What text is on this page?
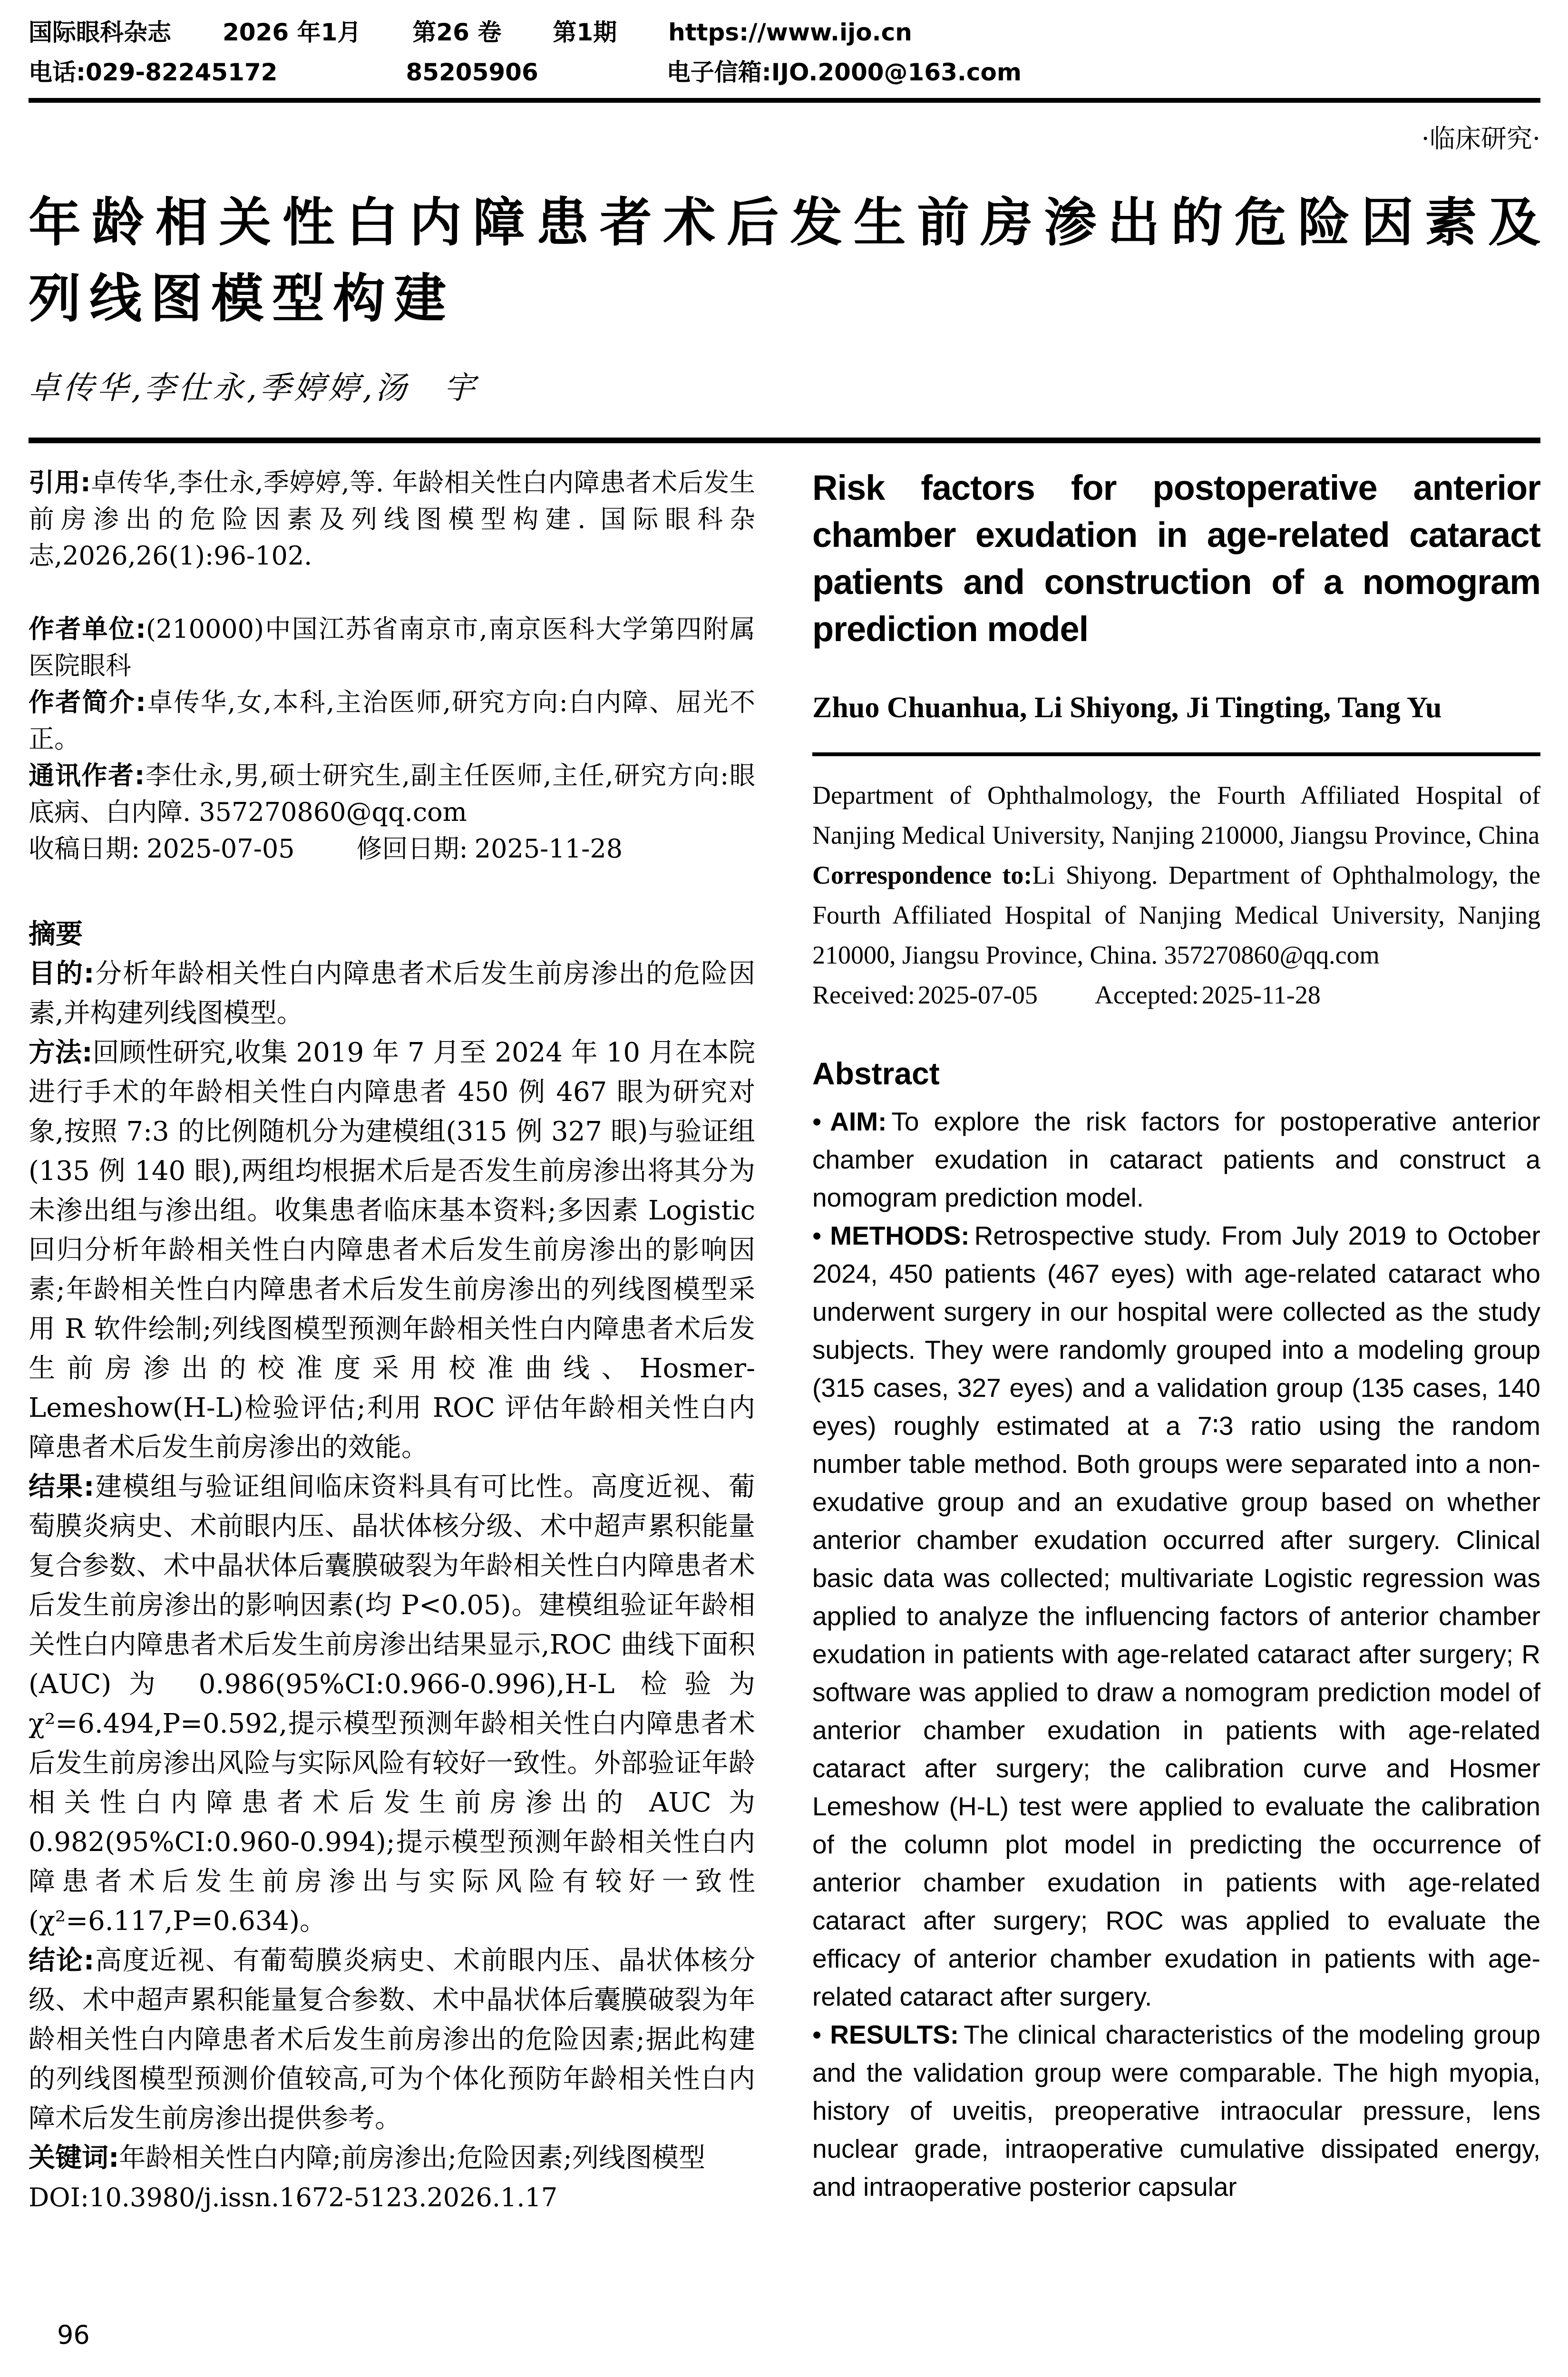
国际眼科杂志 2026 年1月 第26 卷 第1期 https://www.ijo.cn
电话:029-82245172	85205906	电子信箱:IJO.2000@163.com
·临床研究·
年龄相关性白内障患者术后发生前房渗出的危险因素及
列线图模型构建
卓传华,李仕永,季婷婷,汤　宇

引用:卓传华,李仕永,季婷婷,等. 年龄相关性白内障患者术后发生前房渗出的危险因素及列线图模型构建. 国际眼科杂志,2026,26(1):96-102.

作者单位:(210000)中国江苏省南京市,南京医科大学第四附属医院眼科

作者简介:卓传华,女,本科,主治医师,研究方向:白内障、屈光不正。

通讯作者:李仕永,男,硕士研究生,副主任医师,主任,研究方向:眼底病、白内障. 357270860@qq.com

收稿日期: 2025-07-05 修回日期: 2025-11-28

摘要

目的:分析年龄相关性白内障患者术后发生前房渗出的危险因素,并构建列线图模型。

方法:回顾性研究,收集 2019 年 7 月至 2024 年 10 月在本院进行手术的年龄相关性白内障患者 450 例 467 眼为研究对象,按照 7:3 的比例随机分为建模组(315 例 327 眼)与验证组(135 例 140 眼),两组均根据术后是否发生前房渗出将其分为未渗出组与渗出组。收集患者临床基本资料;多因素 Logistic 回归分析年龄相关性白内障患者术后发生前房渗出的影响因素;年龄相关性白内障患者术后发生前房渗出的列线图模型采用 R 软件绘制;列线图模型预测年龄相关性白内障患者术后发生前房渗出的校准度采用校准曲线、Hosmer-Lemeshow(H-L)检验评估;利用 ROC 评估年龄相关性白内障患者术后发生前房渗出的效能。

结果:建模组与验证组间临床资料具有可比性。高度近视、葡萄膜炎病史、术前眼内压、晶状体核分级、术中超声累积能量复合参数、术中晶状体后囊膜破裂为年龄相关性白内障患者术后发生前房渗出的影响因素(均 P<0.05)。建模组验证年龄相关性白内障患者术后发生前房渗出结果显示,ROC 曲线下面积(AUC)为 0.986(95%CI:0.966-0.996),H-L 检验为χ²=6.494,P=0.592,提示模型预测年龄相关性白内障患者术后发生前房渗出风险与实际风险有较好一致性。外部验证年龄相关性白内障患者术后发生前房渗出的 AUC 为 0.982(95%CI:0.960-0.994);提示模型预测年龄相关性白内障患者术后发生前房渗出与实际风险有较好一致性(χ²=6.117,P=0.634)。

结论:高度近视、有葡萄膜炎病史、术前眼内压、晶状体核分级、术中超声累积能量复合参数、术中晶状体后囊膜破裂为年龄相关性白内障患者术后发生前房渗出的危险因素;据此构建的列线图模型预测价值较高,可为个体化预防年龄相关性白内障术后发生前房渗出提供参考。

关键词:年龄相关性白内障;前房渗出;危险因素;列线图模型

DOI:10.3980/j.issn.1672-5123.2026.1.17

Risk factors for postoperative anterior
chamber exudation in age-related cataract
patients and construction of a nomogram
prediction model
Zhuo Chuanhua, Li Shiyong, Ji Tingting, Tang Yu

Department of Ophthalmology, the Fourth Affiliated Hospital of Nanjing Medical University, Nanjing 210000, Jiangsu Province, China

Correspondence to:Li Shiyong. Department of Ophthalmology, the Fourth Affiliated Hospital of Nanjing Medical University, Nanjing 210000, Jiangsu Province, China. 357270860@qq.com

Received: 2025-07-05 Accepted: 2025-11-28

Abstract

• AIM: To explore the risk factors for postoperative anterior chamber exudation in cataract patients and construct a nomogram prediction model.

• METHODS: Retrospective study. From July 2019 to October 2024, 450 patients (467 eyes) with age-related cataract who underwent surgery in our hospital were collected as the study subjects. They were randomly grouped into a modeling group (315 cases, 327 eyes) and a validation group (135 cases, 140 eyes) roughly estimated at a 7∶3 ratio using the random number table method. Both groups were separated into a non-exudative group and an exudative group based on whether anterior chamber exudation occurred after surgery. Clinical basic data was collected; multivariate Logistic regression was applied to analyze the influencing factors of anterior chamber exudation in patients with age-related cataract after surgery; R software was applied to draw a nomogram prediction model of anterior chamber exudation in patients with age-related cataract after surgery; the calibration curve and Hosmer Lemeshow (H-L) test were applied to evaluate the calibration of the column plot model in predicting the occurrence of anterior chamber exudation in patients with age-related cataract after surgery; ROC was applied to evaluate the efficacy of anterior chamber exudation in patients with age-related cataract after surgery.

• RESULTS: The clinical characteristics of the modeling group and the validation group were comparable. The high myopia, history of uveitis, preoperative intraocular pressure, lens nuclear grade, intraoperative cumulative dissipated energy, and intraoperative posterior capsular

96
